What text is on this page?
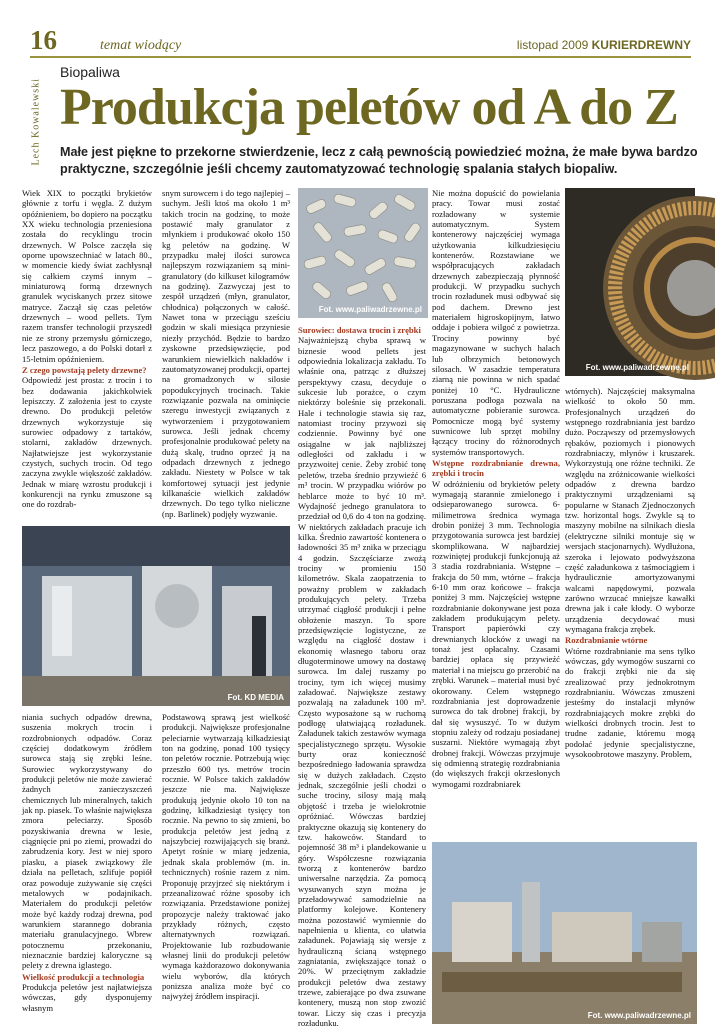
16	temat wiodący	listopad 2009 KURIERDREWNY
Biopaliwa
Produkcja peletów od A do Z
Lech Kowalewski Małe jest piękne to przekorne stwierdzenie, lecz z całą pewnością powiedzieć można, że małe bywa bardzo praktyczne, szczególnie jeśli chcemy zautomatyzować technologię spalania stałych biopaliw.

Wiek XIX to początki brykietów głównie z torfu i węgla. Z dużym opóźnieniem, bo dopiero na początku XX wieku technologia przeniesiona została do recyklingu trocin drzewnych. W Polsce zaczęła się oporne upowszechniać w latach 80., w momencie kiedy świat zachłysnął się całkiem czymś innym – miniaturową formą drzewnych granulek wyciskanych przez sitowe matryce. Zaczął się czas peletów drzewnych – wood pellets. Tym razem transfer technologii przyszedł nie ze strony przemysłu górniczego, lecz paszowego, a do Polski dotarł z 15-letnim opóźnieniem.

Z czego powstają pelety drzewne?

Odpowiedź jest prosta: z trocin i to bez dodawania jakichkolwiek lepiszczy. Z założenia jest to czyste drewno. Do produkcji peletów drzewnych wykorzystuje się surowiec odpadowy z tartaków, stolarni, zakładów drzewnych. Najłatwiejsze jest wykorzystanie czystych, suchych trocin. Od tego zaczyna zwykle większość zakładów. Jednak w miarę wzrostu produkcji i konkurencji na rynku zmuszone są one do rozdrab-

snym surowcem i do tego najlepiej – suchym. Jeśli ktoś ma około 1 m³ takich trocin na godzinę, to może postawić mały granulator z młynkiem i produkować około 150 kg peletów na godzinę. W przypadku małej ilości surowca najlepszym rozwiązaniem są mini-granulatory (do kilkuset kilogramów na godzinę). Zazwyczaj jest to zespół urządzeń (młyn, granulator, chłodnica) połączonych w całość. Nawet tona w przeciągu sześciu godzin w skali miesiąca przyniesie niezły przychód. Będzie to bardzo zyskowne przedsięwzięcie, pod warunkiem niewielkich nakładów i zautomatyzowanej produkcji, opartej na gromadzonych w silosie popodukcyjnych trocinach. Takie rozwiązanie pozwala na ominięcie szeregu inwestycji związanych z wytworzeniem i przygotowaniem surowca. Jeśli jednak chcemy profesjonalnie produkować pelety na dużą skalę, trudno oprzeć ją na odpadach drzewnych z jednego zakładu. Niestety w Polsce w tak komfortowej sytuacji jest jedynie kilkanaście wielkich zakładów drzewnych. Do tego tylko nieliczne (np. Barlinek) podjęły wyzwanie.

Fot. www.paliwadrzewne.pl
Surowiec: dostawa trocin i zrębki

Najważniejszą chyba sprawą w biznesie wood pellets jest odpowiednia lokalizacja zakładu. To właśnie ona, patrząc z dłuższej perspektywy czasu, decyduje o sukcesie lub porażce, o czym niektórzy boleśnie się przekonali. Hale i technologie stawia się raz, natomiast trociny przywozi się codziennie. Powinny być one osiągalne w jak najbliższej odległości od zakładu i w przyzwoitej cenie. Żeby zrobić tonę peletów, trzeba średnio przywieźć 6 m³ trocin. W przypadku wiórów po heblarce może to być 10 m³. Wydajność jednego granulatora to przedział od 0,6 do 4 ton na godzinę. W niektórych zakładach pracuje ich kilka. Średnio zawartość kontenera o ładowności 35 m³ znika w przeciągu 4 godzin. Szczęściarze zwożą trociny w promieniu 150 kilometrów. Skala zaopatrzenia to poważny problem w zakładach produkujących pelety. Trzeba utrzymać ciągłość produkcji i pełne obłożenie maszyn. To spore przedsięwzięcie logistyczne, ze względu na ciągłość dostaw i ekonomię własnego taboru oraz długoterminowe umowy na dostawę surowca. Im dalej ruszamy po trociny, tym ich więcej musimy załadować. Największe zestawy pozwalają na załadunek 100 m³. Często wyposażone są w ruchomą podłogę ułatwiającą rozładunek. Załadunek takich zestawów wymaga specjalistycznego sprzętu. Wysokie burty oraz konieczność bezpośredniego ładowania sprawdza się w dużych zakładach. Często jednak, szczególnie jeśli chodzi o suche trociny, silosy mają małą objętość i trzeba je wielokrotnie opróżniać. Wówczas bardziej praktyczne okazują się kontenery do tzw. hakowców. Standard to pojemność 38 m³ i plandekowanie u góry. Współczesne rozwiązania tworzą z kontenerów bardzo uniwersalne narzędzia. Za pomocą wysuwanych szyn można je przeładowywać samodzielnie na platformy kolejowe. Kontenery można pozostawić wymiennie do napełnienia u klienta, co ułatwia załadunek. Pojawiają się wersje z hydrauliczną ścianą wstępnego zagniatania, zwiększające tonaż o 20%. W przeciętnym zakładzie produkcji peletów dwa zestawy trzewe, zabierające po dwa zsuwane kontenery, muszą non stop zwozić towar. Liczy się czas i precyzja rozładunku.

Nie można dopuścić do powielania pracy. Towar musi zostać rozładowany w systemie automatycznym. System kontenerowy najczęściej wymaga użytkowania kilkudziesięciu kontenerów. Rozstawiane we współpracujących zakładach drzewnych zabezpieczają płynność produkcji. W przypadku suchych trocin rozładunek musi odbywać się pod dachem. Drewno jest materiałem higroskopijnym, łatwo oddaje i pobiera wilgoć z powietrza. Trociny powinny być magazynowane w suchych halach lub olbrzymich betonowych silosach. W zasadzie temperatura ziarną nie powinna w nich spadać poniżej 10 °C. Hydrauliczne poruszana podłoga pozwala na automatyczne pobieranie surowca. Pomocnicze mogą być systemy suwnicowe lub sprzęt mobilny łączący trociny do różnorodnych systemów transportowych.

Wstępne rozdrabnianie drewna, zrębki i trocin

W odróżnieniu od brykietów pelety wymagają starannie zmielonego i odsieparowanego surowca. 6-milimetrowa średnica wymaga drobin poniżej 3 mm. Technologia przygotowania surowca jest bardziej skomplikowana. W najbardziej rozwiniętej produkcji funkcjonują aż 3 stadia rozdrabniania. Wstępne – frakcja do 50 mm, wtórne – frakcja 6-10 mm oraz końcowe – frakcja poniżej 3 mm. Najczęściej wstępne rozdrabnianie dokonywane jest poza zakładem produkującym pelety. Transport papierówki czy drewnianych klocków z uwagi na tonaż jest opłacalny. Czasami bardziej opłaca się przywieźć materiał i na miejscu go przerobić na zrębki. Warunek – materiał musi być okorowany. Celem wstępnego rozdrabniania jest doprowadzenie surowca do tak drobnej frakcji, by dał się wysuszyć. To w dużym stopniu zależy od rodzaju posiadanej suszarni. Niektóre wymagają zbyt drobnej frakcji. Wówczas przyjmuje się odmienną strategię rozdrabniania (do większych frakcji okrzesłonych wymogami rozdrabniarek

Fot. www.paliwadrzewne.pl

wtórnych). Najczęściej maksymalna wielkość to około 50 mm. Profesjonalnych urządzeń do wstępnego rozdrabniania jest bardzo dużo. Począwszy od przemysłowych rębaków, poziomych i pionowych rozdrabniaczy, młynów i kruszarek. Wykorzystują one różne techniki. Ze względu na zróżnicowanie wielkości odpadów z drewna bardzo praktycznymi urządzeniami są popularne w Stanach Zjednoczonych tzw. horizontal hogs. Zwykle są to maszyny mobilne na silnikach diesla (elektryczne silniki montuje się w wersjach stacjonarnych). Wydłużona, szeroka i lejowato podwyższona część załadunkowa z taśmociągiem i hydraulicznie amortyzowanymi walcami napędowymi, pozwala zarówno wrzucać mniejsze kawałki drewna jak i całe kłody. O wyborze urządzenia decydować musi wymagana frakcja zrębek.

Rozdrabnianie wtórne

Wtórne rozdrabnianie ma sens tylko wówczas, gdy wymogów suszarni co do frakcji zrębki nie da się zrealizować przy jednokrotnym rozdrabnianiu. Wówczas zmuszeni jesteśmy do instalacji młynów rozdrabniających mokre zrębki do wielkości drobnych trocin. Jest to trudne zadanie, któremu mogą podołać jedynie specjalistyczne, wysokoobrotowe maszyny. Problem,

Fot. KD MEDIA

niania suchych odpadów drewna, suszenia mokrych trocin i rozdrobnionych odpadów. Coraz częściej dodatkowym źródłem surowca stają się zrębki leśne. Surowiec wykorzystywany do produkcji peletów nie może zawierać żadnych zanieczyszczeń chemicznych lub mineralnych, takich jak np. piasek. To właśnie największa zmora peleciarzy. Sposób pozyskiwania drewna w lesie, ciągnięcie pni po ziemi, prowadzi do zabrudzenia kory. Jest w niej sporo piasku, a piasek związkowy źle działa na pelletach, szlifuje popiół oraz powoduje zużywanie się części metalowych w podajnikach. Materiałem do produkcji peletów może być każdy rodzaj drewna, pod warunkiem starannego dobrania materiału granulacyjnego. Wbrew potocznemu przekonaniu, nieznacznie bardziej kaloryczne są pelety z drewna iglastego.

Wielkość produkcji a technologia

Produkcja peletów jest najłatwiejsza wówczas, gdy dysponujemy własnym

Podstawową sprawą jest wielkość produkcji. Największe profesjonalne peleciarnie wytwarzają kilkadziesiąt ton na godzinę, ponad 100 tysięcy ton peletów rocznie. Potrzebują więc przeszło 600 tys. metrów trocin rocznie. W Polsce takich zakładów jeszcze nie ma. Największe produkują jedynie około 10 ton na godzinę, kilkadziesiąt tysięcy ton rocznie. Na pewno to się zmieni, bo produkcja peletów jest jedną z najszybciej rozwijających się branż. Apetyt rośnie w miarę jedzenia, jednak skala problemów (m. in. technicznych) rośnie razem z nim. Proponuję przyjrzeć się niektórym i przeanalizować różne sposoby ich rozwiązania. Przedstawione poniżej propozycje należy traktować jako przykłady różnych, często alternatywnych rozwiązań. Projektowanie lub rozbudowanie własnej linii do produkcji peletów wymaga każdorazowo dokonywania wielu wyborów, dla których ponizsza analiza może być co najwyżej źródłem inspiracji.

Fot. www.paliwadrzewne.pl
